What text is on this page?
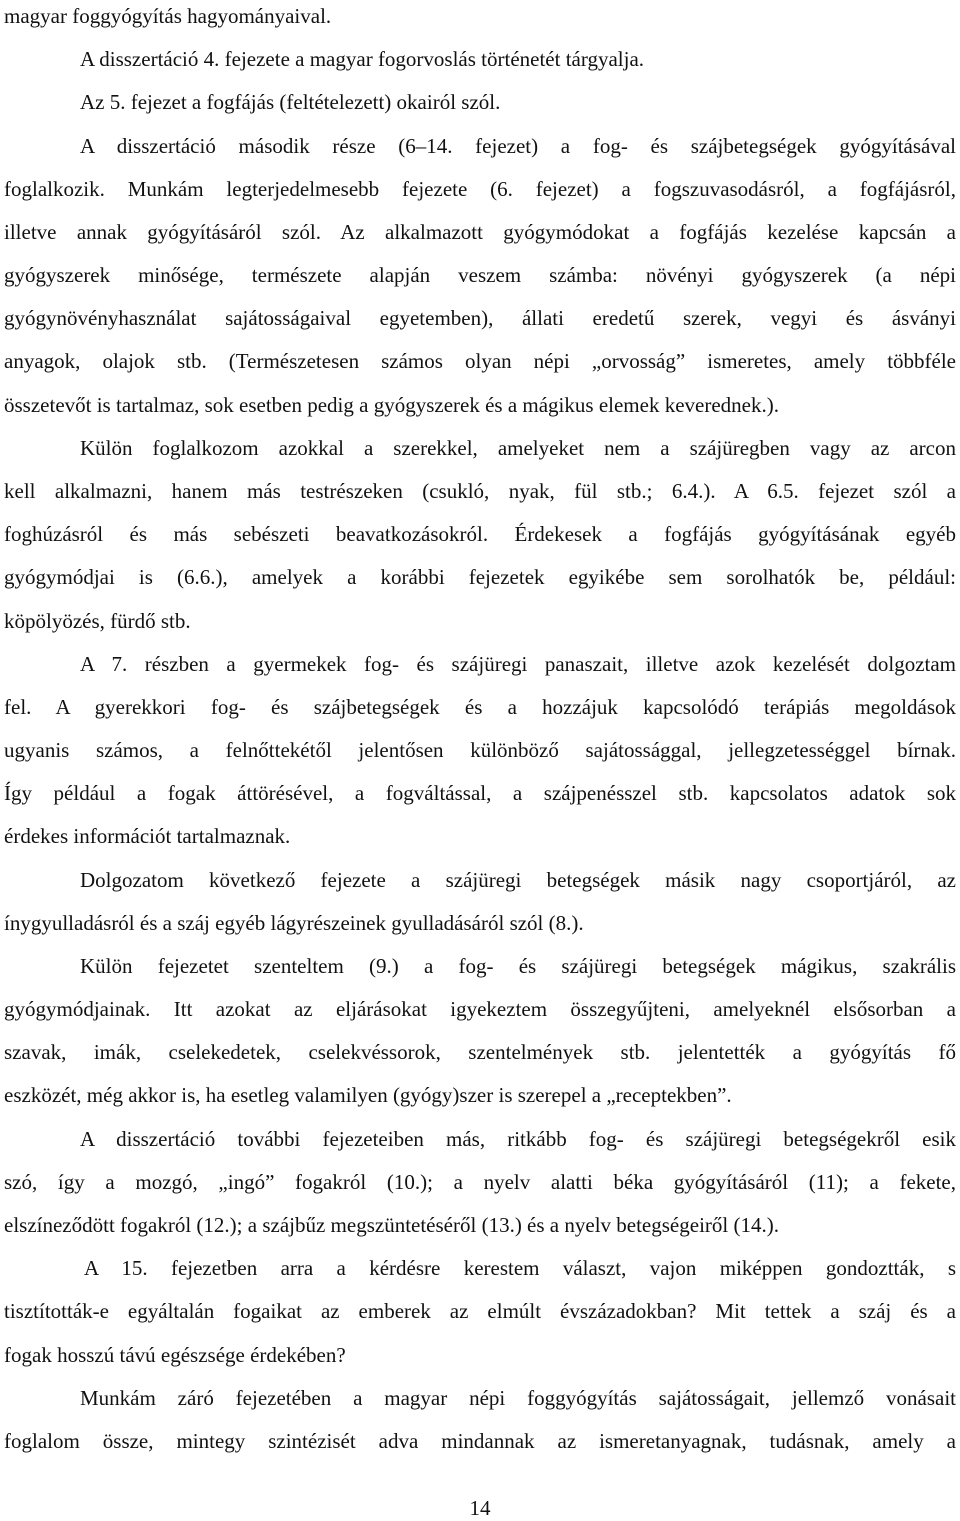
magyar foggyógyítás hagyományaival.
A disszertáció 4. fejezete a magyar fogorvoslás történetét tárgyalja.
Az 5. fejezet a fogfájás (feltételezett) okairól szól.
A disszertáció második része (6–14. fejezet) a fog- és szájbetegségek gyógyításával
foglalkozik. Munkám legterjedelmesebb fejezete (6. fejezet) a fogszuvasodásról, a fogfájásról,
illetve annak gyógyításáról szól. Az alkalmazott gyógymódokat a fogfájás kezelése kapcsán a
gyógyszerek minősége, természete alapján veszem számba: növényi gyógyszerek (a népi
gyógynövényhasználat sajátosságaival egyetemben), állati eredetű szerek, vegyi és ásványi
anyagok, olajok stb. (Természetesen számos olyan népi „orvosság” ismeretes, amely többféle
összetevőt is tartalmaz, sok esetben pedig a gyógyszerek és a mágikus elemek keverednek.).
Külön foglalkozom azokkal a szerekkel, amelyeket nem a szájüregben vagy az arcon
kell alkalmazni, hanem más testrészeken (csukló, nyak, fül stb.; 6.4.). A 6.5. fejezet szól a
foghúzásról és más sebészeti beavatkozásokról. Érdekesek a fogfájás gyógyításának egyéb
gyógymódjai is (6.6.), amelyek a korábbi fejezetek egyikébe sem sorolhatók be, például:
köpölyözés, fürdő stb.
A 7. részben a gyermekek fog- és szájüregi panaszait, illetve azok kezelését dolgoztam
fel. A gyerekkori fog- és szájbetegségek és a hozzájuk kapcsolódó terápiás megoldások
ugyanis számos, a felnőttekétől jelentősen különböző sajátossággal, jellegzetességgel bírnak.
Így például a fogak áttörésével, a fogváltással, a szájpenésszel stb. kapcsolatos adatok sok
érdekes információt tartalmaznak.
Dolgozatom következő fejezete a szájüregi betegségek másik nagy csoportjáról, az
ínygyulladásról és a száj egyéb lágyrészeinek gyulladásáról szól (8.).
Külön fejezetet szenteltem (9.) a fog- és szájüregi betegségek mágikus, szakrális
gyógymódjainak. Itt azokat az eljárásokat igyekeztem összegyűjteni, amelyeknél elsősorban a
szavak, imák, cselekedetek, cselekvéssorok, szentelmények stb. jelentették a gyógyítás fő
eszközét, még akkor is, ha esetleg valamilyen (gyógy)szer is szerepel a „receptekben”.
A disszertáció további fejezeteiben más, ritkább fog- és szájüregi betegségekről esik
szó, így a mozgó, „ingó” fogakról (10.); a nyelv alatti béka gyógyításáról (11); a fekete,
elszíneződött fogakról (12.); a szájbűz megszüntetéséről (13.) és a nyelv betegségeiről (14.).
A 15. fejezetben arra a kérdésre kerestem választ, vajon miképpen gondoztták, s
tisztították-e egyáltalán fogaikat az emberek az elmúlt évszázadokban? Mit tettek a száj és a
fogak hosszú távú egészsége érdekében?
Munkám záró fejezetében a magyar népi foggyógyítás sajátosságait, jellemző vonásait
foglalom össze, mintegy szintézisét adva mindannak az ismeretanyagnak, tudásnak, amely a
14
